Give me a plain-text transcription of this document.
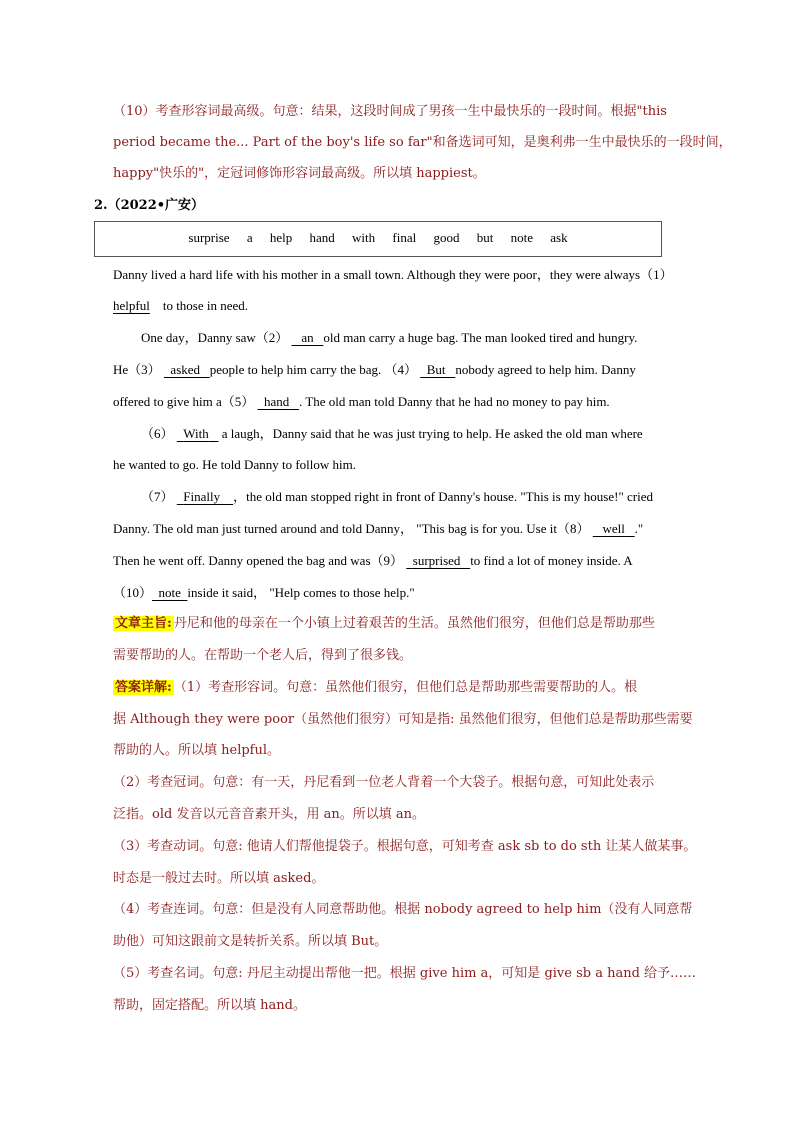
（10）考查形容词最高级。句意：结果，这段时间成了男孩一生中最快乐的一段时间。根据"this
period became the... Part of the boy's life so far"和备选词可知，是奥利弗一生中最快乐的一段时间，
happy"快乐的"，定冠词修饰形容词最高级。所以填 happiest。
2.（2022•广安）
surprise a help hand with final good but note ask
Danny lived a hard life with his mother in a small town. Although they were poor，they were always（1）
helpful to those in need.
One day，Danny saw（2） an old man carry a huge bag. The man looked tired and hungry.
He（3） asked people to help him carry the bag. （4） But nobody agreed to help him. Danny
offered to give him a（5） hand . The old man told Danny that he had no money to pay him.
（6） With a laugh，Danny said that he was just trying to help. He asked the old man where
he wanted to go. He told Danny to follow him.
（7） Finally ，the old man stopped right in front of Danny's house. "This is my house!" cried
Danny. The old man just turned around and told Danny， "This bag is for you. Use it（8） well ."
Then he went off. Danny opened the bag and was（9） surprised to find a lot of money inside. A
（10） note inside it said， "Help comes to those help."
文章主旨: 丹尼和他的母亲在一个小镇上过着艰苦的生活。虽然他们很穷，但他们总是帮助那些
需要帮助的人。在帮助一个老人后，得到了很多钱。
答案详解: （1）考查形容词。句意：虽然他们很穷，但他们总是帮助那些需要帮助的人。根
据 Although they were poor（虽然他们很穷）可知是指: 虽然他们很穷，但他们总是帮助那些需要
帮助的人。所以填 helpful。
（2）考查冠词。句意：有一天，丹尼看到一位老人背着一个大袋子。根据句意，可知此处表示
泛指。old 发音以元音音素开头，用 an。所以填 an。
（3）考查动词。句意: 他请人们帮他提袋子。根据句意，可知考查 ask sb to do sth 让某人做某事。
时态是一般过去时。所以填 asked。
（4）考查连词。句意：但是没有人同意帮助他。根据 nobody agreed to help him（没有人同意帮
助他）可知这跟前文是转折关系。所以填 But。
（5）考查名词。句意: 丹尼主动提出帮他一把。根据 give him a，可知是 give sb a hand 给予……
帮助，固定搭配。所以填 hand。
